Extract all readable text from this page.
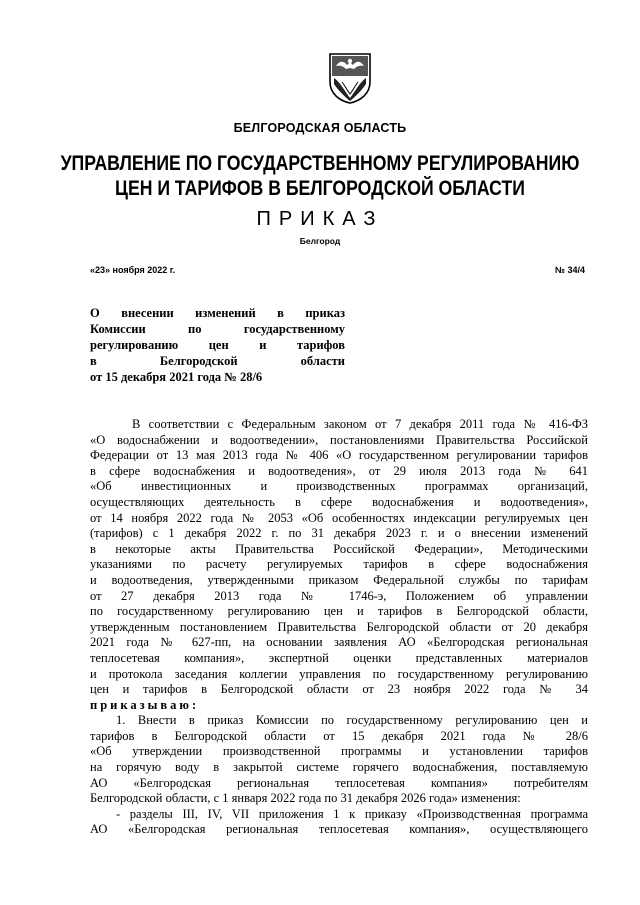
БЕЛГОРОДСКАЯ ОБЛАСТЬ
УПРАВЛЕНИЕ ПО ГОСУДАРСТВЕННОМУ РЕГУЛИРОВАНИЮ
ЦЕН И ТАРИФОВ В БЕЛГОРОДСКОЙ ОБЛАСТИ
ПРИКАЗ
Белгород
«23» ноября 2022 г.	№ 34/4
О внесении изменений в приказ
Комиссии по государственному
регулированию цен и тарифов
в Белгородской области
от 15 декабря 2021 года № 28/6
В соответствии с Федеральным законом от 7 декабря 2011 года № 416-ФЗ
«О водоснабжении и водоотведении», постановлениями Правительства Российской
Федерации от 13 мая 2013 года № 406 «О государственном регулировании тарифов
в сфере водоснабжения и водоотведения», от 29 июля 2013 года № 641
«Об инвестиционных и производственных программах организаций,
осуществляющих деятельность в сфере водоснабжения и водоотведения»,
от 14 ноября 2022 года № 2053 «Об особенностях индексации регулируемых цен
(тарифов) с 1 декабря 2022 г. по 31 декабря 2023 г. и о внесении изменений
в некоторые акты Правительства Российской Федерации», Методическими
указаниями по расчету регулируемых тарифов в сфере водоснабжения
и водоотведения, утвержденными приказом Федеральной службы по тарифам
от 27 декабря 2013 года № 1746-э, Положением об управлении
по государственному регулированию цен и тарифов в Белгородской области,
утвержденным постановлением Правительства Белгородской области от 20 декабря
2021 года № 627-пп, на основании заявления АО «Белгородская региональная
теплосетевая компания», экспертной оценки представленных материалов
и протокола заседания коллегии управления по государственному регулированию
цен и тарифов в Белгородской области от 23 ноября 2022 года № 34
приказываю:
1. Внести в приказ Комиссии по государственному регулированию цен и
тарифов в Белгородской области от 15 декабря 2021 года № 28/6
«Об утверждении производственной программы и установлении тарифов
на горячую воду в закрытой системе горячего водоснабжения, поставляемую
АО «Белгородская региональная теплосетевая компания» потребителям
Белгородской области, с 1 января 2022 года по 31 декабря 2026 года» изменения:
- разделы III, IV, VII приложения 1 к приказу «Производственная программа
АО «Белгородская региональная теплосетевая компания», осуществляющего
